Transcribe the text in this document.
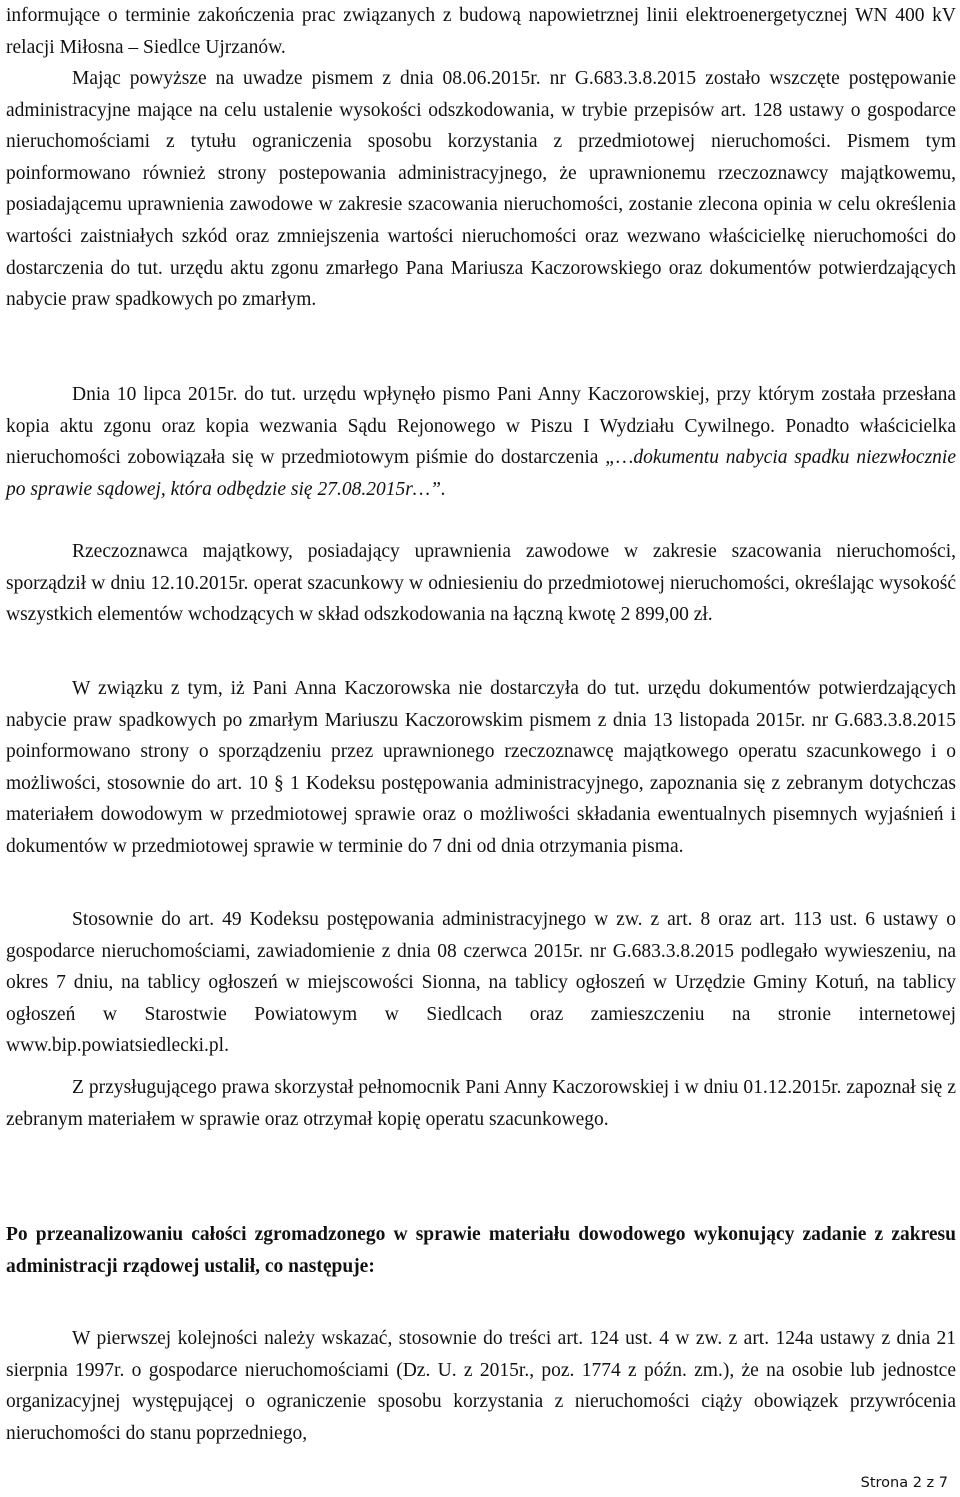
informujące o terminie zakończenia prac związanych z budową napowietrznej linii elektroenergetycznej WN 400 kV relacji Miłosna – Siedlce Ujrzanów.

Mając powyższe na uwadze pismem z dnia 08.06.2015r. nr G.683.3.8.2015 zostało wszczęte postępowanie administracyjne mające na celu ustalenie wysokości odszkodowania, w trybie przepisów art. 128 ustawy o gospodarce nieruchomościami z tytułu ograniczenia sposobu korzystania z przedmiotowej nieruchomości. Pismem tym poinformowano również strony postepowania administracyjnego, że uprawnionemu rzeczoznawcy majątkowemu, posiadającemu uprawnienia zawodowe w zakresie szacowania nieruchomości, zostanie zlecona opinia w celu określenia wartości zaistniałych szkód oraz zmniejszenia wartości nieruchomości oraz wezwano właścicielkę nieruchomości do dostarczenia do tut. urzędu aktu zgonu zmarłego Pana Mariusza Kaczorowskiego oraz dokumentów potwierdzających nabycie praw spadkowych po zmarłym.

Dnia 10 lipca 2015r. do tut. urzędu wpłynęło pismo Pani Anny Kaczorowskiej, przy którym została przesłana kopia aktu zgonu oraz kopia wezwania Sądu Rejonowego w Piszu I Wydziału Cywilnego. Ponadto właścicielka nieruchomości zobowiązała się w przedmiotowym piśmie do dostarczenia „…dokumentu nabycia spadku niezwłocznie po sprawie sądowej, która odbędzie się 27.08.2015r…”.

Rzeczoznawca majątkowy, posiadający uprawnienia zawodowe w zakresie szacowania nieruchomości, sporządził w dniu 12.10.2015r. operat szacunkowy w odniesieniu do przedmiotowej nieruchomości, określając wysokość wszystkich elementów wchodzących w skład odszkodowania na łączną kwotę 2 899,00 zł.

W związku z tym, iż Pani Anna Kaczorowska nie dostarczyła do tut. urzędu dokumentów potwierdzających nabycie praw spadkowych po zmarłym Mariuszu Kaczorowskim pismem z dnia 13 listopada 2015r. nr G.683.3.8.2015 poinformowano strony o sporządzeniu przez uprawnionego rzeczoznawcę majątkowego operatu szacunkowego i o możliwości, stosownie do art. 10 § 1 Kodeksu postępowania administracyjnego, zapoznania się z zebranym dotychczas materiałem dowodowym w przedmiotowej sprawie oraz o możliwości składania ewentualnych pisemnych wyjaśnień i dokumentów w przedmiotowej sprawie w terminie do 7 dni od dnia otrzymania pisma.

Stosownie do art. 49 Kodeksu postępowania administracyjnego w zw. z art. 8 oraz art. 113 ust. 6 ustawy o gospodarce nieruchomościami, zawiadomienie z dnia 08 czerwca 2015r. nr G.683.3.8.2015 podlegało wywieszeniu, na okres 7 dniu, na tablicy ogłoszeń w miejscowości Sionna, na tablicy ogłoszeń w Urzędzie Gminy Kotuń, na tablicy ogłoszeń w Starostwie Powiatowym w Siedlcach oraz zamieszczeniu na stronie internetowej www.bip.powiatsiedlecki.pl.

Z przysługującego prawa skorzystał pełnomocnik Pani Anny Kaczorowskiej i w dniu 01.12.2015r. zapoznał się z zebranym materiałem w sprawie oraz otrzymał kopię operatu szacunkowego.

Po przeanalizowaniu całości zgromadzonego w sprawie materiału dowodowego wykonujący zadanie z zakresu administracji rządowej ustalił, co następuje:

W pierwszej kolejności należy wskazać, stosownie do treści art. 124 ust. 4 w zw. z art. 124a ustawy z dnia 21 sierpnia 1997r. o gospodarce nieruchomościami (Dz. U. z 2015r., poz. 1774 z późn. zm.), że na osobie lub jednostce organizacyjnej występującej o ograniczenie sposobu korzystania z nieruchomości ciąży obowiązek przywrócenia nieruchomości do stanu poprzedniego,

Strona 2 z 7
